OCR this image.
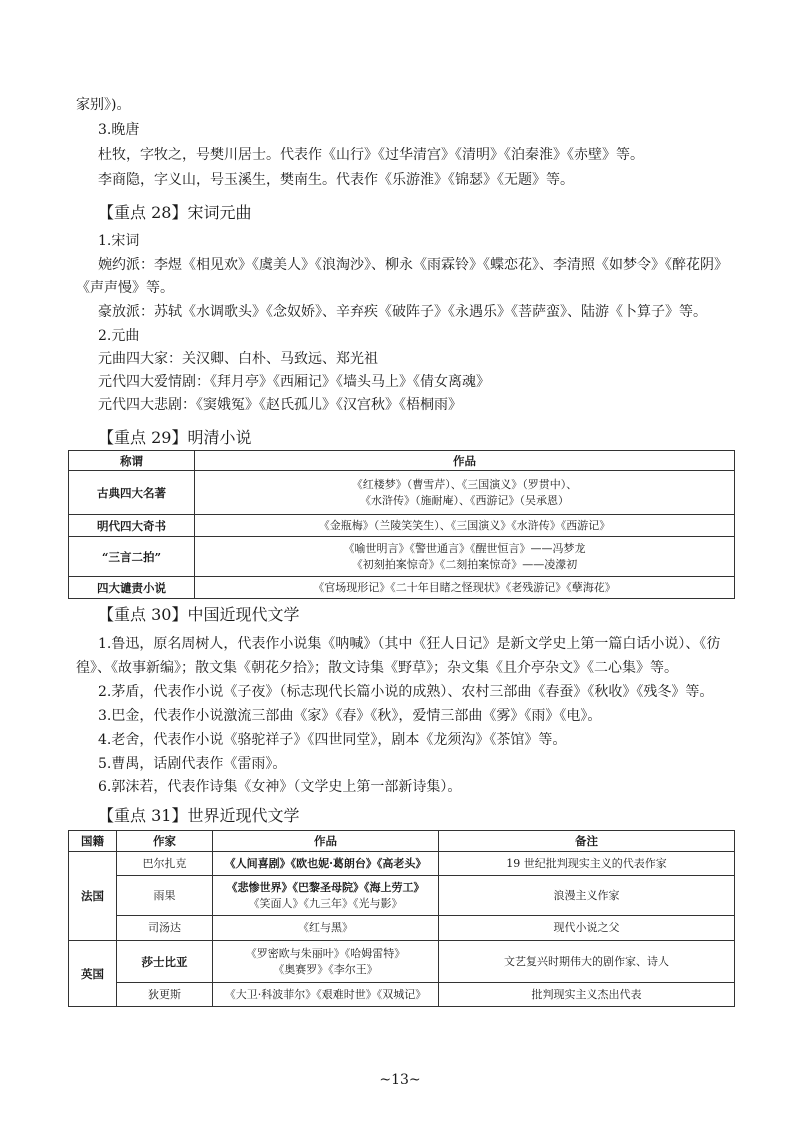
家别》)。
3.晚唐
杜牧，字牧之，号樊川居士。代表作《山行》《过华清宫》《清明》《泊秦淮》《赤壁》等。
李商隐，字义山，号玉溪生，樊南生。代表作《乐游淮》《锦瑟》《无题》等。
【重点 28】宋词元曲
1.宋词
婉约派：李煜《相见欢》《虞美人》《浪淘沙》、柳永《雨霖铃》《蝶恋花》、李清照《如梦令》《醉花阴》
《声声慢》等。
豪放派：苏轼《水调歌头》《念奴娇》、辛弃疾《破阵子》《永遇乐》《菩萨蛮》、陆游《卜算子》等。
2.元曲
元曲四大家：关汉卿、白朴、马致远、郑光祖
元代四大爱情剧：《拜月亭》《西厢记》《墙头马上》《倩女离魂》
元代四大悲剧：《窦娥冤》《赵氏孤儿》《汉宫秋》《梧桐雨》
【重点 29】明清小说
称谓	作品
古典四大名著	《红楼梦》（曹雪芹）、《三国演义》（罗贯中）、
《水浒传》（施耐庵）、《西游记》（吴承恩）

明代四大奇书	《金瓶梅》（兰陵笑笑生）、《三国演义》《水浒传》《西游记》

“三言二拍”	《喻世明言》《警世通言》《醒世恒言》——冯梦龙
《初刻拍案惊奇》《二刻拍案惊奇》——凌濛初

四大谴责小说	《官场现形记》《二十年目睹之怪现状》《老残游记》《孽海花》
【重点 30】中国近现代文学
1.鲁迅，原名周树人，代表作小说集《呐喊》（其中《狂人日记》是新文学史上第一篇白话小说）、《彷
徨》、《故事新编》；散文集《朝花夕拾》；散文诗集《野草》；杂文集《且介亭杂文》《二心集》等。
2.茅盾，代表作小说《子夜》（标志现代长篇小说的成熟）、农村三部曲《春蚕》《秋收》《残冬》等。
3.巴金，代表作小说激流三部曲《家》《春》《秋》，爱情三部曲《雾》《雨》《电》。
4.老舍，代表作小说《骆驼祥子》《四世同堂》，剧本《龙须沟》《茶馆》等。
5.曹禺，话剧代表作《雷雨》。
6.郭沫若，代表作诗集《女神》（文学史上第一部新诗集）。
【重点 31】世界近现代文学
国籍	作家	作品	备注
法国	巴尔扎克	《人间喜剧》《欧也妮·葛朗台》《高老头》	19 世纪批判现实主义的代表作家
	雨果	《悲惨世界》《巴黎圣母院》《海上劳工》
《笑面人》《九三年》《光与影》	浪漫主义作家
	司汤达	《红与黑》	现代小说之父
英国	莎士比亚	《罗密欧与朱丽叶》《哈姆雷特》
《奥赛罗》《李尔王》	文艺复兴时期伟大的剧作家、诗人
	狄更斯	《大卫·科波菲尔》《艰难时世》《双城记》	批判现实主义杰出代表
~13~
